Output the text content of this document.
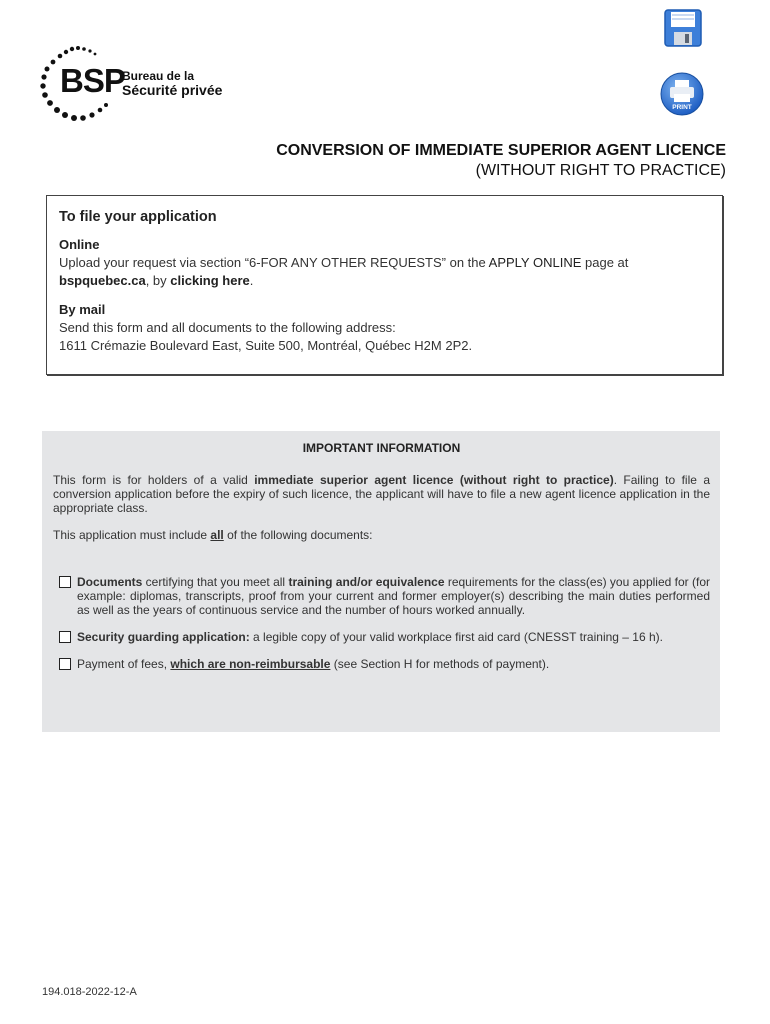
BSP
Bureau de la
Sécurité privée
PRINT
CONVERSION OF IMMEDIATE SUPERIOR AGENT LICENCE
(WITHOUT RIGHT TO PRACTICE)
To file your application

Online

Upload your request via section “6-FOR ANY OTHER REQUESTS” on the APPLY ONLINE page at bspquebec.ca, by clicking here.

By mail

Send this form and all documents to the following address:

1611 Crémazie Boulevard East, Suite 500, Montréal, Québec H2M 2P2.

IMPORTANT INFORMATION

This form is for holders of a valid immediate superior agent licence (without right to practice). Failing to file a conversion application before the expiry of such licence, the applicant will have to file a new agent licence application in the appropriate class.

This application must include all of the following documents:

Documents certifying that you meet all training and/or equivalence requirements for the class(es) you applied for (for example: diplomas, transcripts, proof from your current and former employer(s) describing the main duties performed as well as the years of continuous service and the number of hours worked annually.
Security guarding application: a legible copy of your valid workplace first aid card (CNESST training – 16 h).
Payment of fees, which are non-reimbursable (see Section H for methods of payment).
194.018-2022-12-A
